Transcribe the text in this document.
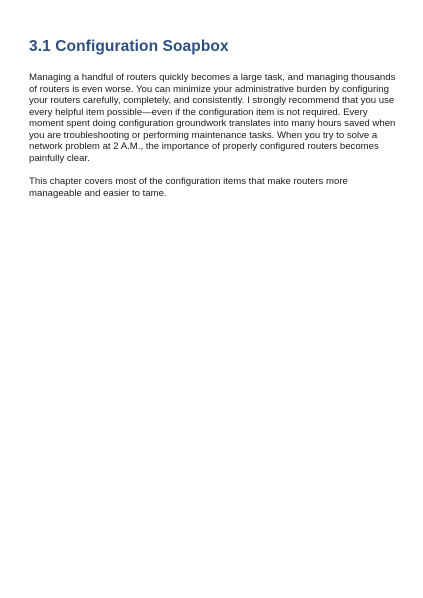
3.1 Configuration Soapbox

Managing a handful of routers quickly becomes a large task, and managing thousands of routers is even worse. You can minimize your administrative burden by configuring your routers carefully, completely, and consistently. I strongly recommend that you use every helpful item possible—even if the configuration item is not required. Every moment spent doing configuration groundwork translates into many hours saved when you are troubleshooting or performing maintenance tasks. When you try to solve a network problem at 2 A.M., the importance of properly configured routers becomes painfully clear.

This chapter covers most of the configuration items that make routers more manageable and easier to tame.
